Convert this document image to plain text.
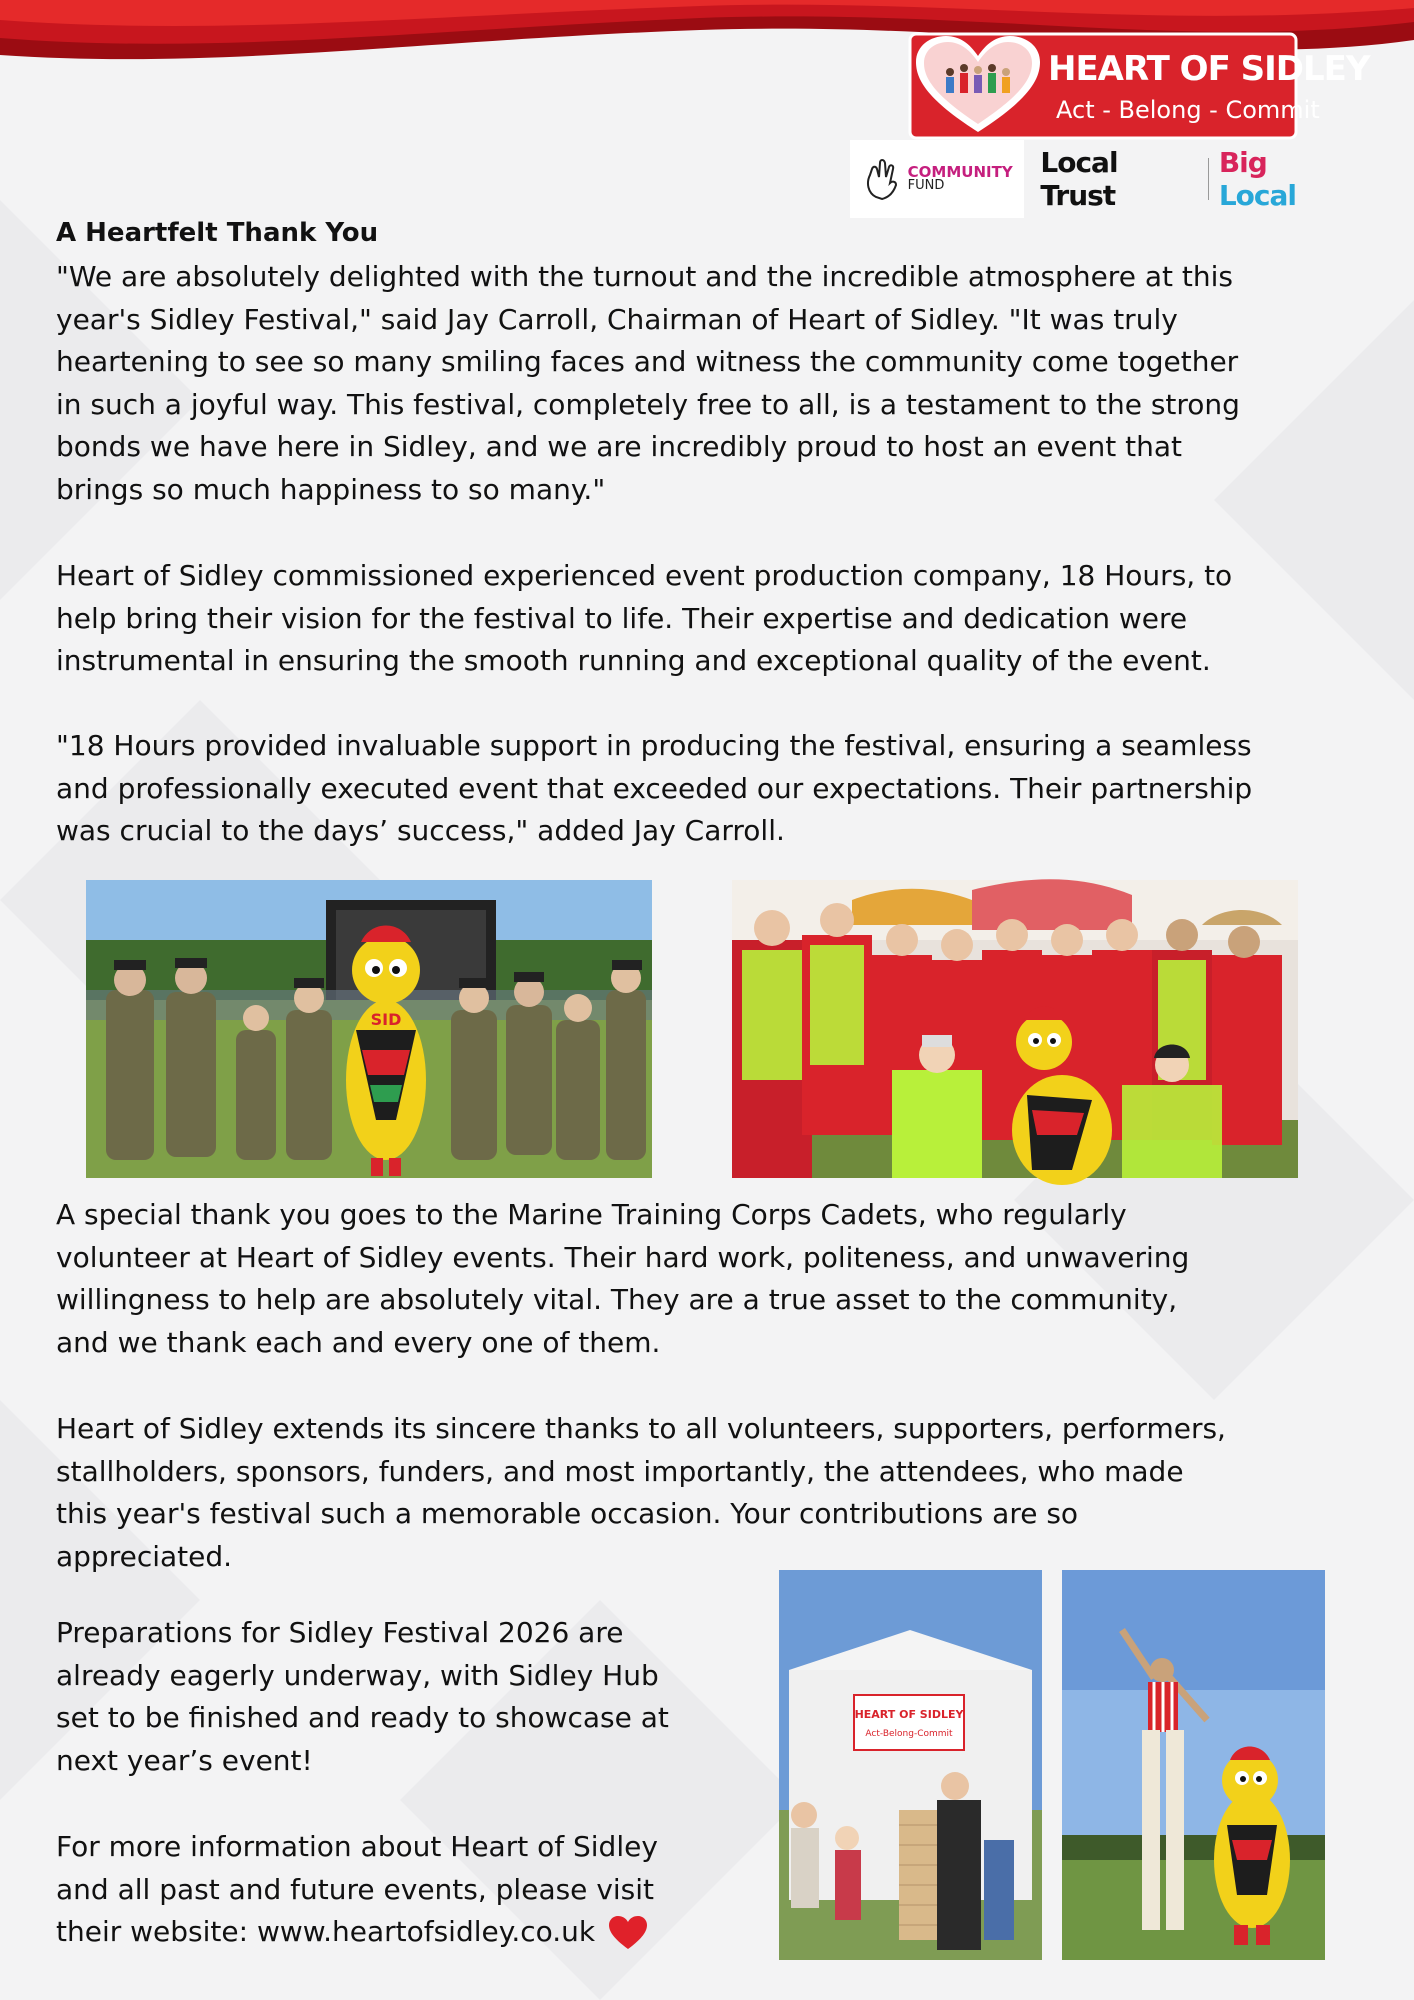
HEART OF SIDLEY
Act - Belong - Commit
COMMUNITY
FUND
Local Trust
Big Local
A Heartfelt Thank You
"We are absolutely delighted with the turnout and the incredible atmosphere at this
year's Sidley Festival," said Jay Carroll, Chairman of Heart of Sidley. "It was truly
heartening to see so many smiling faces and witness the community come together
in such a joyful way. This festival, completely free to all, is a testament to the strong
bonds we have here in Sidley, and we are incredibly proud to host an event that
brings so much happiness to so many."
Heart of Sidley commissioned experienced event production company, 18 Hours, to
help bring their vision for the festival to life. Their expertise and dedication were
instrumental in ensuring the smooth running and exceptional quality of the event.
"18 Hours provided invaluable support in producing the festival, ensuring a seamless
and professionally executed event that exceeded our expectations. Their partnership
was crucial to the days’ success," added Jay Carroll.
SID
A special thank you goes to the Marine Training Corps Cadets, who regularly
volunteer at Heart of Sidley events. Their hard work, politeness, and unwavering
willingness to help are absolutely vital. They are a true asset to the community,
and we thank each and every one of them.
Heart of Sidley extends its sincere thanks to all volunteers, supporters, performers,
stallholders, sponsors, funders, and most importantly, the attendees, who made
this year's festival such a memorable occasion. Your contributions are so
appreciated.
Preparations for Sidley Festival 2026 are
already eagerly underway, with Sidley Hub
set to be finished and ready to showcase at
next year’s event!
For more information about Heart of Sidley
and all past and future events, please visit
their website: www.heartofsidley.co.uk
HEART OF SIDLEY
Act-Belong-Commit
